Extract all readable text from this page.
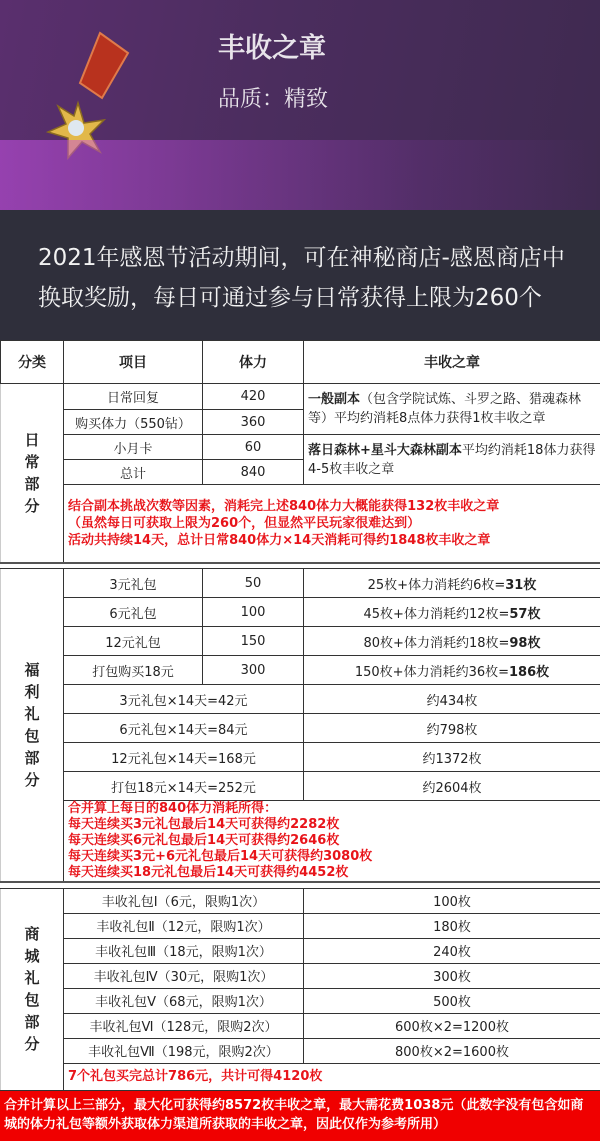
丰收之章
品质：精致
2021年感恩节活动期间，可在神秘商店-感恩商店中换取奖励，每日可通过参与日常获得上限为260个
分类	项目	体力	丰收之章

日常部分	日常回复	420	一般副本（包含学院试炼、斗罗之路、猎魂森林等）平均约消耗8点体力获得1枚丰收之章
	购买体力（550钻）	360	
	小月卡	60	落日森林+星斗大森林副本平均约消耗18体力获得4-5枚丰收之章
	总计	840	

	结合副本挑战次数等因素，消耗完上述840体力大概能获得132枚丰收之章
（虽然每日可获取上限为260个，但显然平民玩家很难达到）
活动共持续14天，总计日常840体力×14天消耗可得约1848枚丰收之章		

福利礼包部分	3元礼包	50	25枚+体力消耗约6枚=31枚
	6元礼包	100	45枚+体力消耗约12枚=57枚
	12元礼包	150	80枚+体力消耗约18枚=98枚
	打包购买18元	300	150枚+体力消耗约36枚=186枚
	3元礼包×14天=42元		约434枚
	6元礼包×14天=84元		约798枚
	12元礼包×14天=168元		约1372枚
	打包18元×14天=252元		约2604枚

	合并算上每日的840体力消耗所得：
每天连续买3元礼包最后14天可获得约2282枚
每天连续买6元礼包最后14天可获得约2646枚
每天连续买3元+6元礼包最后14天可获得约3080枚
每天连续买18元礼包最后14天可获得约4452枚		

商城礼包部分	丰收礼包Ⅰ（6元，限购1次）		100枚
	丰收礼包Ⅱ（12元，限购1次）		180枚
	丰收礼包Ⅲ（18元，限购1次）		240枚
	丰收礼包Ⅳ（30元，限购1次）		300枚
	丰收礼包Ⅴ（68元，限购1次）		500枚
	丰收礼包Ⅵ（128元，限购2次）		600枚×2=1200枚
	丰收礼包Ⅶ（198元，限购2次）		800枚×2=1600枚
	7个礼包买完总计786元，共计可得4120枚		
合并计算以上三部分，最大化可获得约8572枚丰收之章，最大需花费1038元（此数字没有包含如商城的体力礼包等额外获取体力渠道所获取的丰收之章，因此仅作为参考所用）
